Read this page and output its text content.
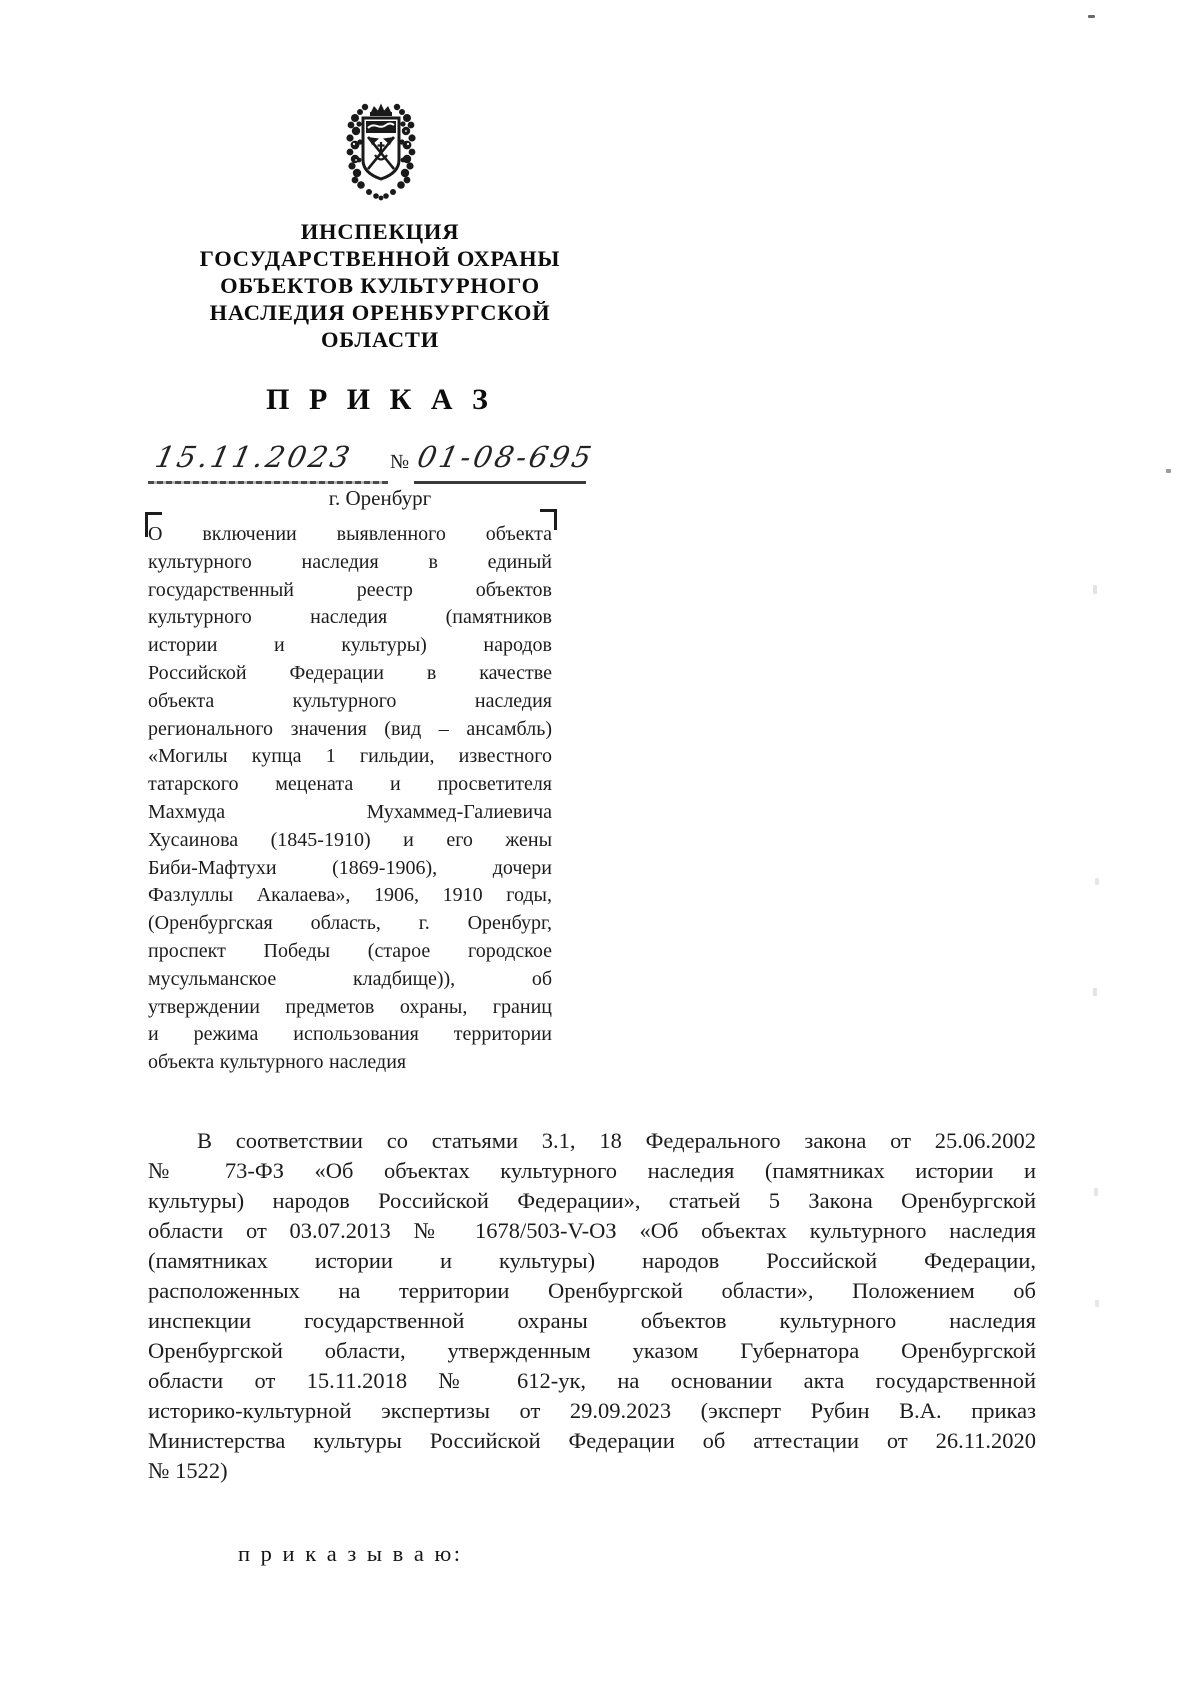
ИНСПЕКЦИЯ
ГОСУДАРСТВЕННОЙ ОХРАНЫ
ОБЪЕКТОВ КУЛЬТУРНОГО
НАСЛЕДИЯ ОРЕНБУРГСКОЙ
ОБЛАСТИ
П Р И К А З
15.11.2023 № 01-08-695
г. Оренбург
О включении выявленного объекта
культурного наследия в единый
государственный реестр объектов
культурного наследия (памятников
истории и культуры) народов
Российской Федерации в качестве
объекта культурного наследия
регионального значения (вид – ансамбль)
«Могилы купца 1 гильдии, известного
татарского мецената и просветителя
Махмуда Мухаммед-Галиевича
Хусаинова (1845-1910) и его жены
Биби-Мафтухи (1869-1906), дочери
Фазлуллы Акалаева», 1906, 1910 годы,
(Оренбургская область, г. Оренбург,
проспект Победы (старое городское
мусульманское кладбище)), об
утверждении предметов охраны, границ
и режима использования территории
объекта культурного наследия
В соответствии со статьями 3.1, 18 Федерального закона от 25.06.2002
№ 73-ФЗ «Об объектах культурного наследия (памятниках истории и
культуры) народов Российской Федерации», статьей 5 Закона Оренбургской
области от 03.07.2013 № 1678/503-V-ОЗ «Об объектах культурного наследия
(памятниках истории и культуры) народов Российской Федерации,
расположенных на территории Оренбургской области», Положением об
инспекции государственной охраны объектов культурного наследия
Оренбургской области, утвержденным указом Губернатора Оренбургской
области от 15.11.2018 № 612-ук, на основании акта государственной
историко-культурной экспертизы от 29.09.2023 (эксперт Рубин В.А. приказ
Министерства культуры Российской Федерации об аттестации от 26.11.2020
№ 1522)
п р и к а з ы в а ю:
